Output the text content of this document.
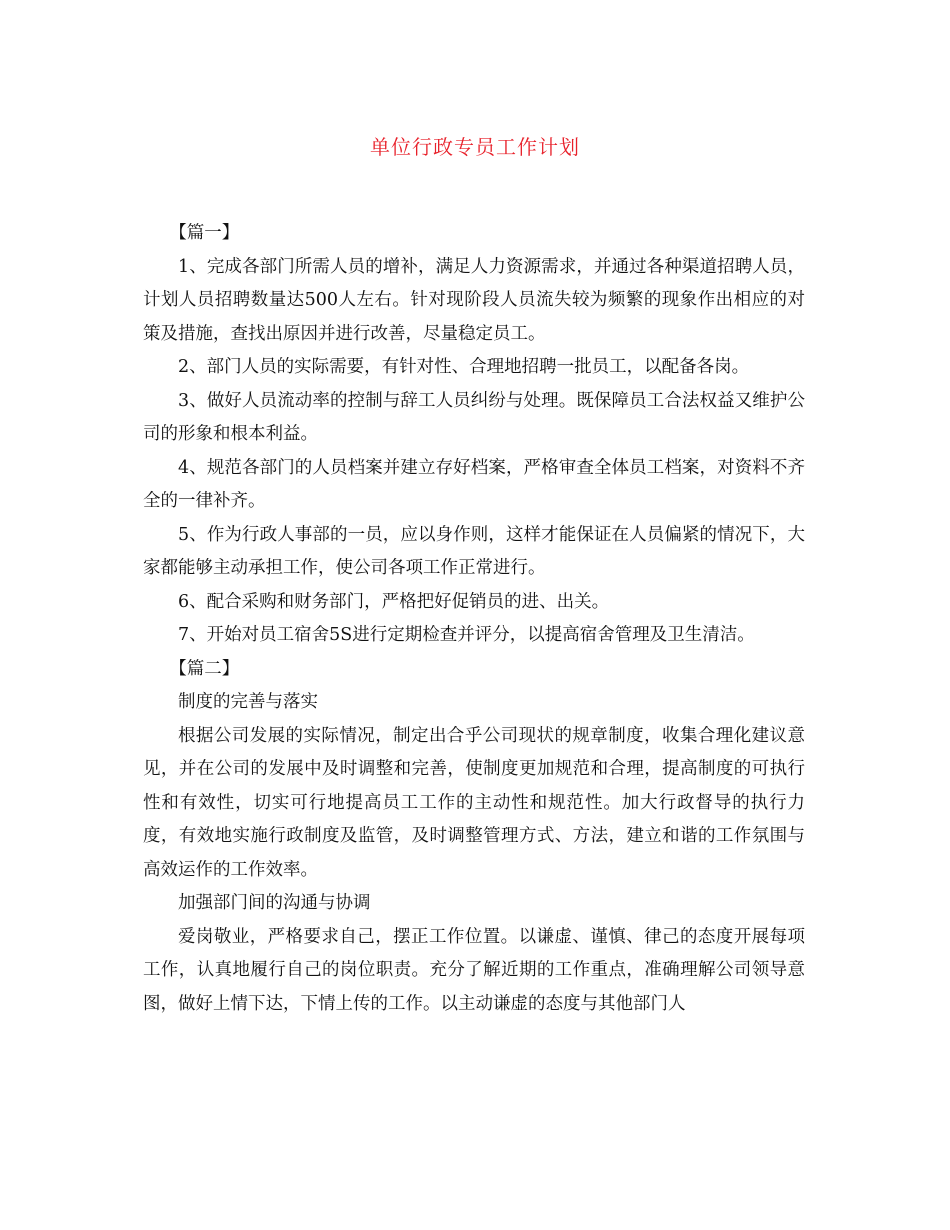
单位行政专员工作计划

【篇一】

1、完成各部门所需人员的增补，满足人力资源需求，并通过各种渠道招聘人员，计划人员招聘数量达500人左右。针对现阶段人员流失较为频繁的现象作出相应的对策及措施，查找出原因并进行改善，尽量稳定员工。

2、部门人员的实际需要，有针对性、合理地招聘一批员工，以配备各岗。

3、做好人员流动率的控制与辞工人员纠纷与处理。既保障员工合法权益又维护公司的形象和根本利益。

4、规范各部门的人员档案并建立存好档案，严格审查全体员工档案，对资料不齐全的一律补齐。

5、作为行政人事部的一员，应以身作则，这样才能保证在人员偏紧的情况下，大家都能够主动承担工作，使公司各项工作正常进行。

6、配合采购和财务部门，严格把好促销员的进、出关。

7、开始对员工宿舍5S进行定期检查并评分，以提高宿舍管理及卫生清洁。

【篇二】

制度的完善与落实

根据公司发展的实际情况，制定出合乎公司现状的规章制度，收集合理化建议意见，并在公司的发展中及时调整和完善，使制度更加规范和合理，提高制度的可执行性和有效性，切实可行地提高员工工作的主动性和规范性。加大行政督导的执行力度，有效地实施行政制度及监管，及时调整管理方式、方法，建立和谐的工作氛围与高效运作的工作效率。

加强部门间的沟通与协调

爱岗敬业，严格要求自己，摆正工作位置。以谦虚、谨慎、律己的态度开展每项工作，认真地履行自己的岗位职责。充分了解近期的工作重点，准确理解公司领导意图，做好上情下达，下情上传的工作。以主动谦虚的态度与其他部门人
